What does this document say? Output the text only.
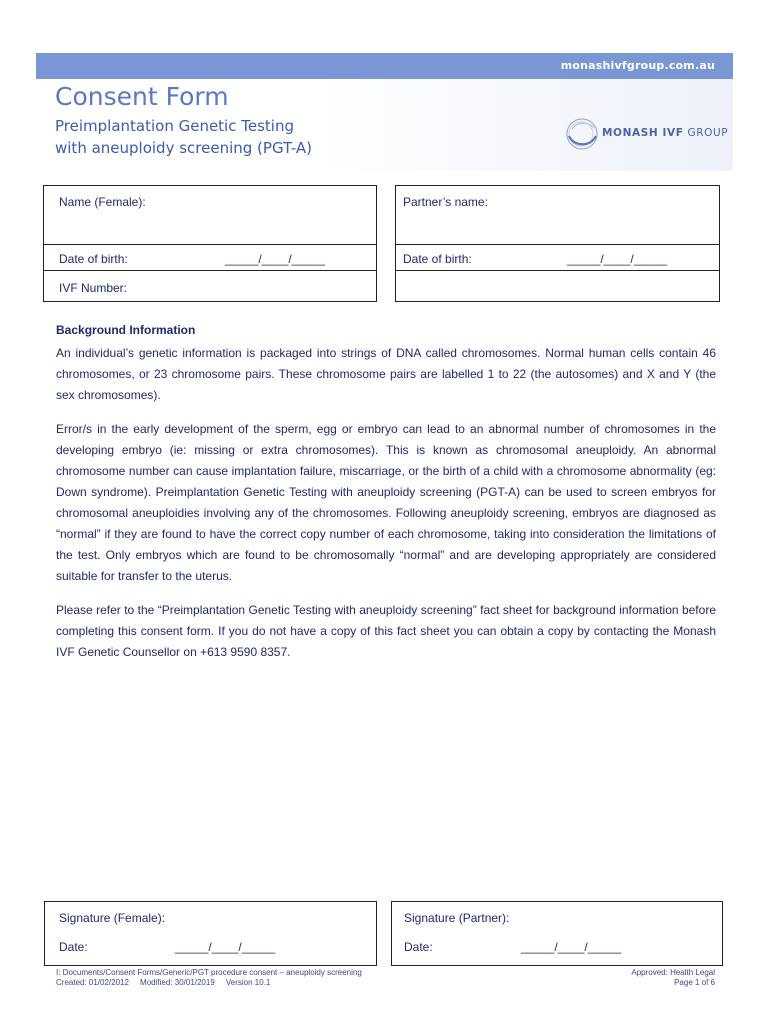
monashivfgroup.com.au
Consent Form
Preimplantation Genetic Testing
with aneuploidy screening (PGT-A)
MONASH IVF GROUP
Name (Female):
Date of birth:	_____/____/_____
IVF Number:
Partner’s name:
Date of birth:	_____/____/_____
Background Information

An individual’s genetic information is packaged into strings of DNA called chromosomes. Normal human cells contain 46 chromosomes, or 23 chromosome pairs. These chromosome pairs are labelled 1 to 22 (the autosomes) and X and Y (the sex chromosomes).

Error/s in the early development of the sperm, egg or embryo can lead to an abnormal number of chromosomes in the developing embryo (ie: missing or extra chromosomes). This is known as chromosomal aneuploidy. An abnormal chromosome number can cause implantation failure, miscarriage, or the birth of a child with a chromosome abnormality (eg: Down syndrome). Preimplantation Genetic Testing with aneuploidy screening (PGT-A) can be used to screen embryos for chromosomal aneuploidies involving any of the chromosomes. Following aneuploidy screening, embryos are diagnosed as “normal” if they are found to have the correct copy number of each chromosome, taking into consideration the limitations of the test. Only embryos which are found to be chromosomally “normal” and are developing appropriately are considered suitable for transfer to the uterus.

Please refer to the “Preimplantation Genetic Testing with aneuploidy screening” fact sheet for background information before completing this consent form. If you do not have a copy of this fact sheet you can obtain a copy by contacting the Monash IVF Genetic Counsellor on +613 9590 8357.

Signature (Female):
Date:	_____/____/_____
Signature (Partner):
Date:	_____/____/_____
I: Documents/Consent Forms/Generic/PGT procedure consent – aneuploidy screening
Created: 01/02/2012     Modified: 30/01/2019     Version 10.1
Approved: Health Legal
Page 1 of 6
